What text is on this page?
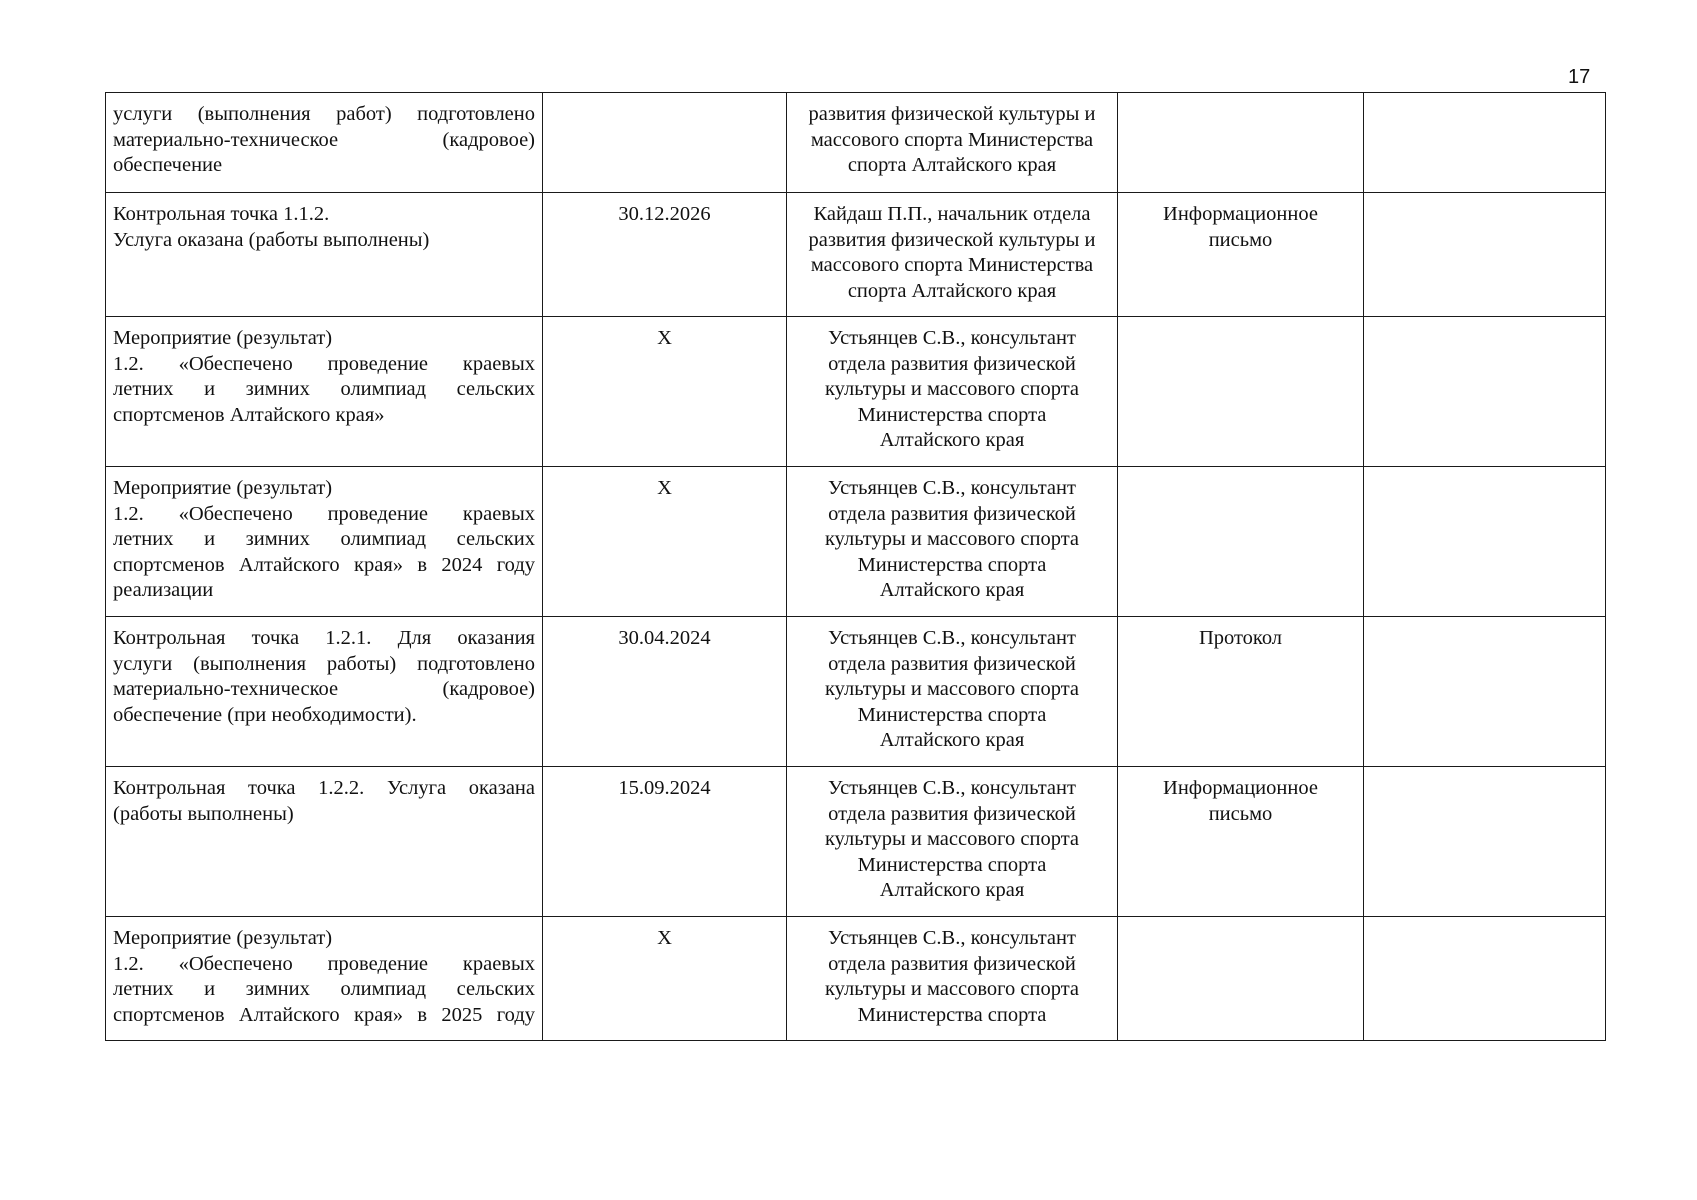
17
услуги (выполнения работ) подготовлено
материально-техническое (кадровое)
обеспечение		развития физической культуры и
массового спорта Министерства
спорта Алтайского края		

Контрольная точка 1.1.2.
Услуга оказана (работы выполнены)	30.12.2026	Кайдаш П.П., начальник отдела
развития физической культуры и
массового спорта Министерства
спорта Алтайского края	Информационное
письмо	

Мероприятие (результат)
1.2. «Обеспечено проведение краевых
летних и зимних олимпиад сельских
спортсменов Алтайского края»	X	Устьянцев С.В., консультант
отдела развития физической
культуры и массового спорта
Министерства спорта
Алтайского края		

Мероприятие (результат)
1.2. «Обеспечено проведение краевых
летних и зимних олимпиад сельских
спортсменов Алтайского края» в 2024 году
реализации	X	Устьянцев С.В., консультант
отдела развития физической
культуры и массового спорта
Министерства спорта
Алтайского края		

Контрольная точка 1.2.1. Для оказания
услуги (выполнения работы) подготовлено
материально-техническое (кадровое)
обеспечение (при необходимости).	30.04.2024	Устьянцев С.В., консультант
отдела развития физической
культуры и массового спорта
Министерства спорта
Алтайского края	Протокол	

Контрольная точка 1.2.2. Услуга оказана
(работы выполнены)	15.09.2024	Устьянцев С.В., консультант
отдела развития физической
культуры и массового спорта
Министерства спорта
Алтайского края	Информационное
письмо	

Мероприятие (результат)
1.2. «Обеспечено проведение краевых
летних и зимних олимпиад сельских
спортсменов Алтайского края» в 2025 году	X	Устьянцев С.В., консультант
отдела развития физической
культуры и массового спорта
Министерства спорта		
